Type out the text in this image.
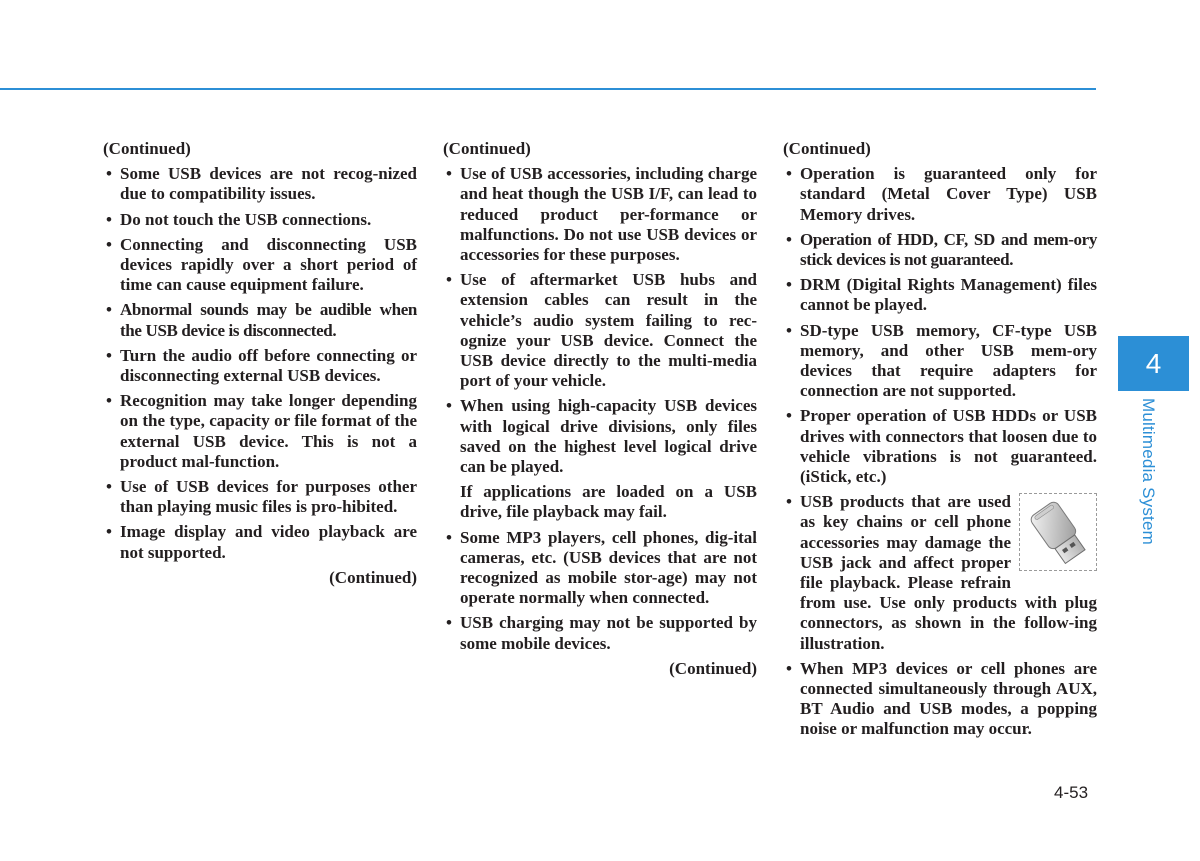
(Continued)
• Some USB devices are not recog-nized due to compatibility issues.
• Do not touch the USB connections.
• Connecting and disconnecting USB devices rapidly over a short period of time can cause equipment failure.
• Abnormal sounds may be audible when the USB device is disconnected.
• Turn the audio off before connecting or disconnecting external USB devices.
• Recognition may take longer depending on the type, capacity or file format of the external USB device. This is not a product mal-function.
• Use of USB devices for purposes other than playing music files is pro-hibited.
• Image display and video playback are not supported.
(Continued)
(Continued)
• Use of USB accessories, including charge and heat though the USB I/F, can lead to reduced product per-formance or malfunctions. Do not use USB devices or accessories for these purposes.
• Use of aftermarket USB hubs and extension cables can result in the vehicle’s audio system failing to rec-ognize your USB device. Connect the USB device directly to the multi-media port of your vehicle.
• When using high-capacity USB devices with logical drive divisions, only files saved on the highest level logical drive can be played.
If applications are loaded on a USB drive, file playback may fail.
• Some MP3 players, cell phones, dig-ital cameras, etc. (USB devices that are not recognized as mobile stor-age) may not operate normally when connected.
• USB charging may not be supported by some mobile devices.
(Continued)
(Continued)
• Operation is guaranteed only for standard (Metal Cover Type) USB Memory drives.
• Operation of HDD, CF, SD and mem-ory stick devices is not guaranteed.
• DRM (Digital Rights Management) files cannot be played.
• SD-type USB memory, CF-type USB memory, and other USB mem-ory devices that require adapters for connection are not supported.
• Proper operation of USB HDDs or USB drives with connectors that loosen due to vehicle vibrations is not guaranteed. (iStick, etc.)
• USB products that are used as key chains or cell phone accessories may damage the USB jack and affect proper file playback. Please refrain from use. Use only products with plug connectors, as shown in the follow-ing illustration.
• When MP3 devices or cell phones are connected simultaneously through AUX, BT Audio and USB modes, a popping noise or malfunction may occur.
4
Multimedia System
4-53
